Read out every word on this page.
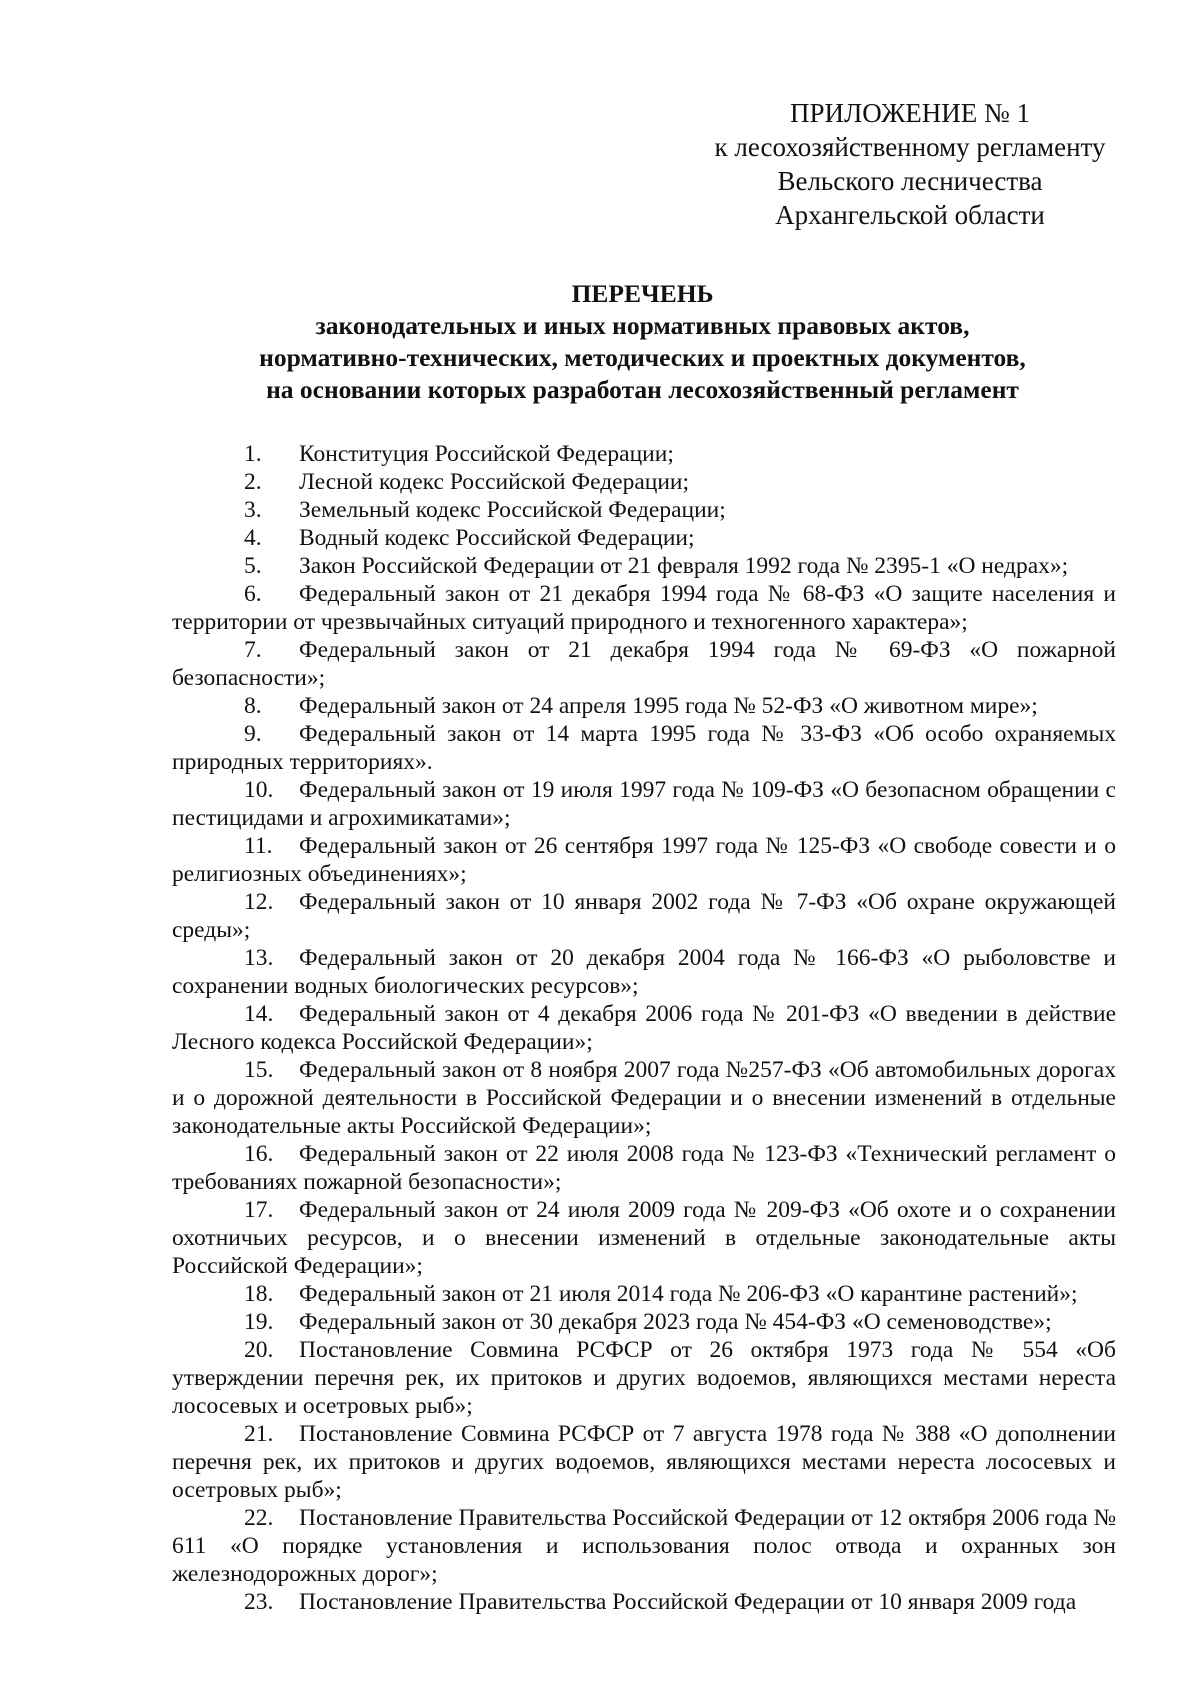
ПРИЛОЖЕНИЕ № 1
к лесохозяйственному регламенту
Вельского лесничества
Архангельской области
ПЕРЕЧЕНЬ
законодательных и иных нормативных правовых актов,
нормативно-технических, методических и проектных документов,
на основании которых разработан лесохозяйственный регламент
1. Конституция Российской Федерации;
2. Лесной кодекс Российской Федерации;
3. Земельный кодекс Российской Федерации;
4. Водный кодекс Российской Федерации;
5. Закон Российской Федерации от 21 февраля 1992 года № 2395-1 «О недрах»;
6. Федеральный закон от 21 декабря 1994 года № 68-ФЗ «О защите населения и территории от чрезвычайных ситуаций природного и техногенного характера»;
7. Федеральный закон от 21 декабря 1994 года № 69-ФЗ «О пожарной безопасности»;
8. Федеральный закон от 24 апреля 1995 года № 52-ФЗ «О животном мире»;
9. Федеральный закон от 14 марта 1995 года № 33-ФЗ «Об особо охраняемых природных территориях».
10. Федеральный закон от 19 июля 1997 года № 109-ФЗ «О безопасном обращении с пестицидами и агрохимикатами»;
11. Федеральный закон от 26 сентября 1997 года № 125-ФЗ «О свободе совести и о религиозных объединениях»;
12. Федеральный закон от 10 января 2002 года № 7-ФЗ «Об охране окружающей среды»;
13. Федеральный закон от 20 декабря 2004 года № 166-ФЗ «О рыболовстве и сохранении водных биологических ресурсов»;
14. Федеральный закон от 4 декабря 2006 года № 201-ФЗ «О введении в действие Лесного кодекса Российской Федерации»;
15. Федеральный закон от 8 ноября 2007 года №257-ФЗ «Об автомобильных дорогах и о дорожной деятельности в Российской Федерации и о внесении изменений в отдельные законодательные акты Российской Федерации»;
16. Федеральный закон от 22 июля 2008 года № 123-ФЗ «Технический регламент о требованиях пожарной безопасности»;
17. Федеральный закон от 24 июля 2009 года № 209-ФЗ «Об охоте и о сохранении охотничьих ресурсов, и о внесении изменений в отдельные законодательные акты Российской Федерации»;
18. Федеральный закон от 21 июля 2014 года № 206-ФЗ «О карантине растений»;
19. Федеральный закон от 30 декабря 2023 года № 454-ФЗ «О семеноводстве»;
20. Постановление Совмина РСФСР от 26 октября 1973 года № 554 «Об утверждении перечня рек, их притоков и других водоемов, являющихся местами нереста лососевых и осетровых рыб»;
21. Постановление Совмина РСФСР от 7 августа 1978 года № 388 «О дополнении перечня рек, их притоков и других водоемов, являющихся местами нереста лососевых и осетровых рыб»;
22. Постановление Правительства Российской Федерации от 12 октября 2006 года № 611 «О порядке установления и использования полос отвода и охранных зон железнодорожных дорог»;
23. Постановление Правительства Российской Федерации от 10 января 2009 года
